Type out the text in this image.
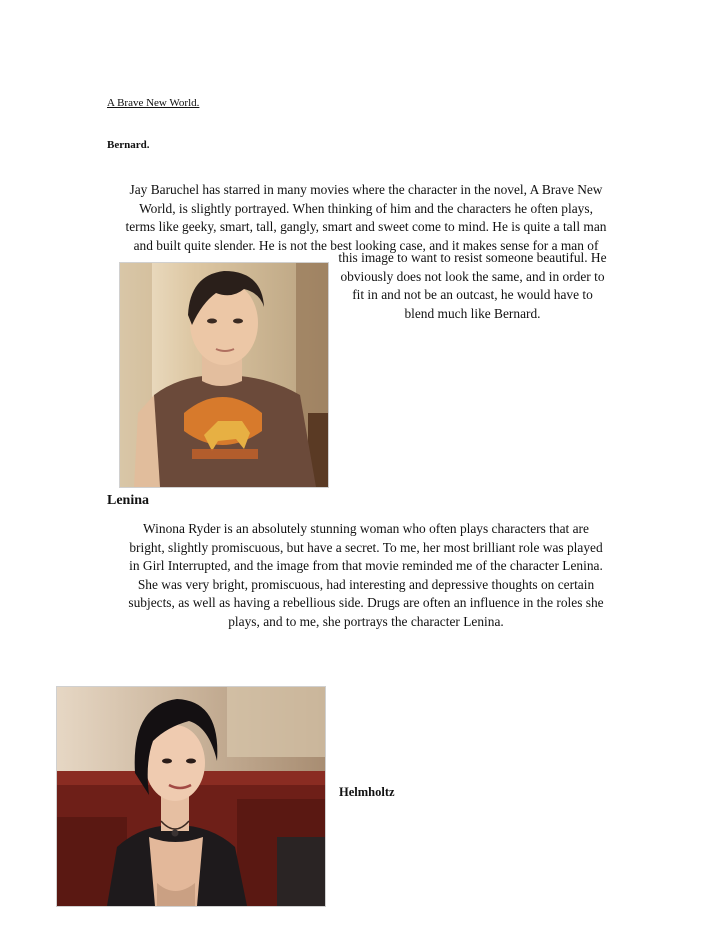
A Brave New World.
Bernard.

Jay Baruchel has starred in many movies where the character in the novel, A Brave New

World, is slightly portrayed. When thinking of him and the characters he often plays,

terms like geeky, smart, tall, gangly, smart and sweet come to mind. He is quite a tall man

and built quite slender. He is not the best looking case, and it makes sense for a man of

this image to want to resist someone beautiful. He

obviously does not look the same, and in order to

fit in and not be an outcast, he would have to

blend much like Bernard.

Lenina

Winona Ryder is an absolutely stunning woman who often plays characters that are

bright, slightly promiscuous, but have a secret. To me, her most brilliant role was played

in Girl Interrupted, and the image from that movie reminded me of the character Lenina.

She was very bright, promiscuous, had interesting and depressive thoughts on certain

subjects, as well as having a rebellious side. Drugs are often an influence in the roles she

plays, and to me, she portrays the character Lenina.

Helmholtz
